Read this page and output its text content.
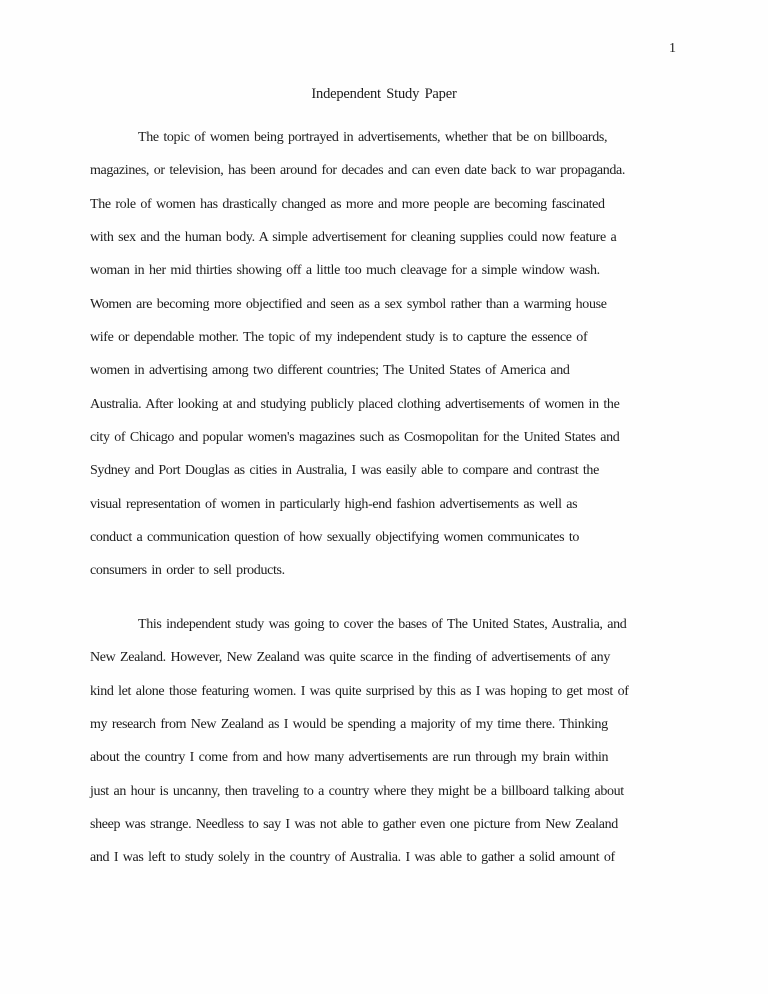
1
Independent Study Paper
The topic of women being portrayed in advertisements, whether that be on billboards,
magazines, or television, has been around for decades and can even date back to war propaganda.
The role of women has drastically changed as more and more people are becoming fascinated
with sex and the human body. A simple advertisement for cleaning supplies could now feature a
woman in her mid thirties showing off a little too much cleavage for a simple window wash.
Women are becoming more objectified and seen as a sex symbol rather than a warming house
wife or dependable mother. The topic of my independent study is to capture the essence of
women in advertising among two different countries; The United States of America and
Australia. After looking at and studying publicly placed clothing advertisements of women in the
city of Chicago and popular women's magazines such as Cosmopolitan for the United States and
Sydney and Port Douglas as cities in Australia, I was easily able to compare and contrast the
visual representation of women in particularly high-end fashion advertisements as well as
conduct a communication question of how sexually objectifying women communicates to
consumers in order to sell products.
This independent study was going to cover the bases of The United States, Australia, and
New Zealand. However, New Zealand was quite scarce in the finding of advertisements of any
kind let alone those featuring women. I was quite surprised by this as I was hoping to get most of
my research from New Zealand as I would be spending a majority of my time there. Thinking
about the country I come from and how many advertisements are run through my brain within
just an hour is uncanny, then traveling to a country where they might be a billboard talking about
sheep was strange. Needless to say I was not able to gather even one picture from New Zealand
and I was left to study solely in the country of Australia. I was able to gather a solid amount of
